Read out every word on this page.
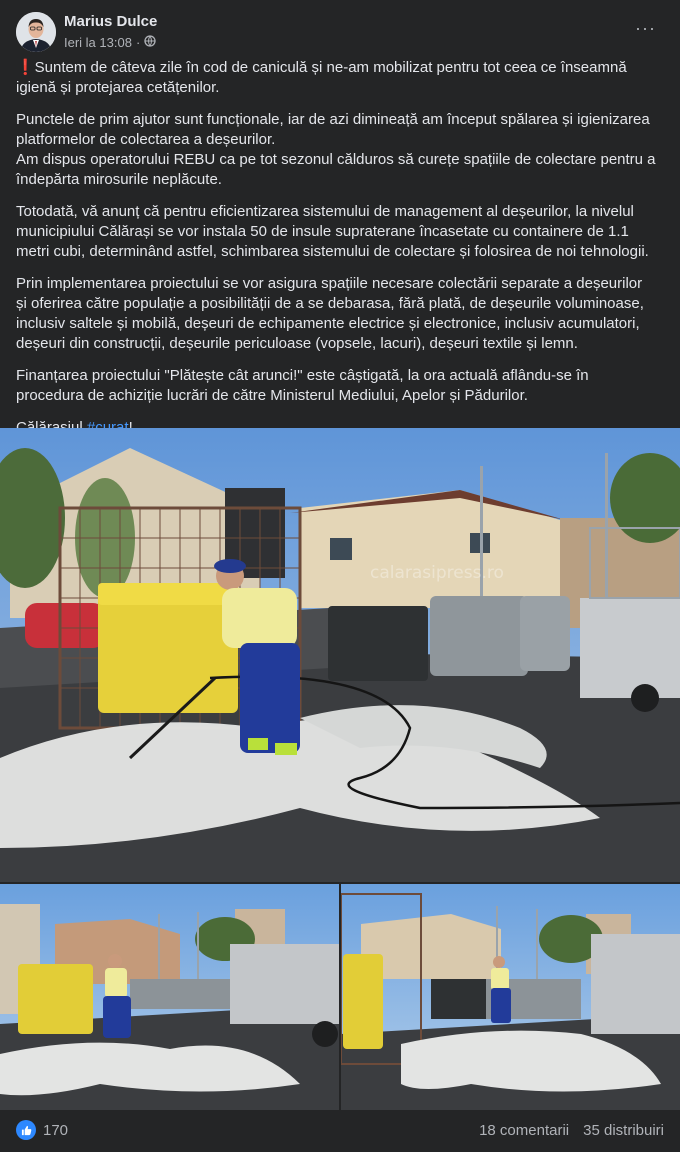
Marius Dulce
Ieri la 13:08 ·
···

❗Suntem de câteva zile în cod de caniculă și ne-am mobilizat pentru tot ceea ce înseamnă igienă și protejarea cetățenilor.

Punctele de prim ajutor sunt funcționale, iar de azi dimineață am început spălarea și igienizarea platformelor de colectarea a deșeurilor.
Am dispus operatorului REBU ca pe tot sezonul călduros să curețe spațiile de colectare pentru a îndepărta mirosurile neplăcute.

Totodată, vă anunț că pentru eficientizarea sistemului de management al deșeurilor, la nivelul municipiului Călărași se vor instala 50 de insule supraterane încasetate cu containere de 1.1 metri cubi, determinând astfel, schimbarea sistemului de colectare și folosirea de noi tehnologii.

Prin implementarea proiectului se vor asigura spațiile necesare colectării separate a deșeurilor și oferirea către populație a posibilității de a se debarasa, fără plată, de deșeurile voluminoase, inclusiv saltele și mobilă, deșeuri de echipamente electrice și electronice, inclusiv acumulatori, deșeuri din construcții, deșeurile periculoase (vopsele, lacuri), deșeuri textile și lemn.

Finanțarea proiectului "Plătește cât arunci!" este câștigată, la ora actuală aflându-se în procedura de achiziție lucrări de către Ministerul Mediului, Apelor și Pădurilor.

calarasipress.ro
170	18 comentarii 35 distribuiri
